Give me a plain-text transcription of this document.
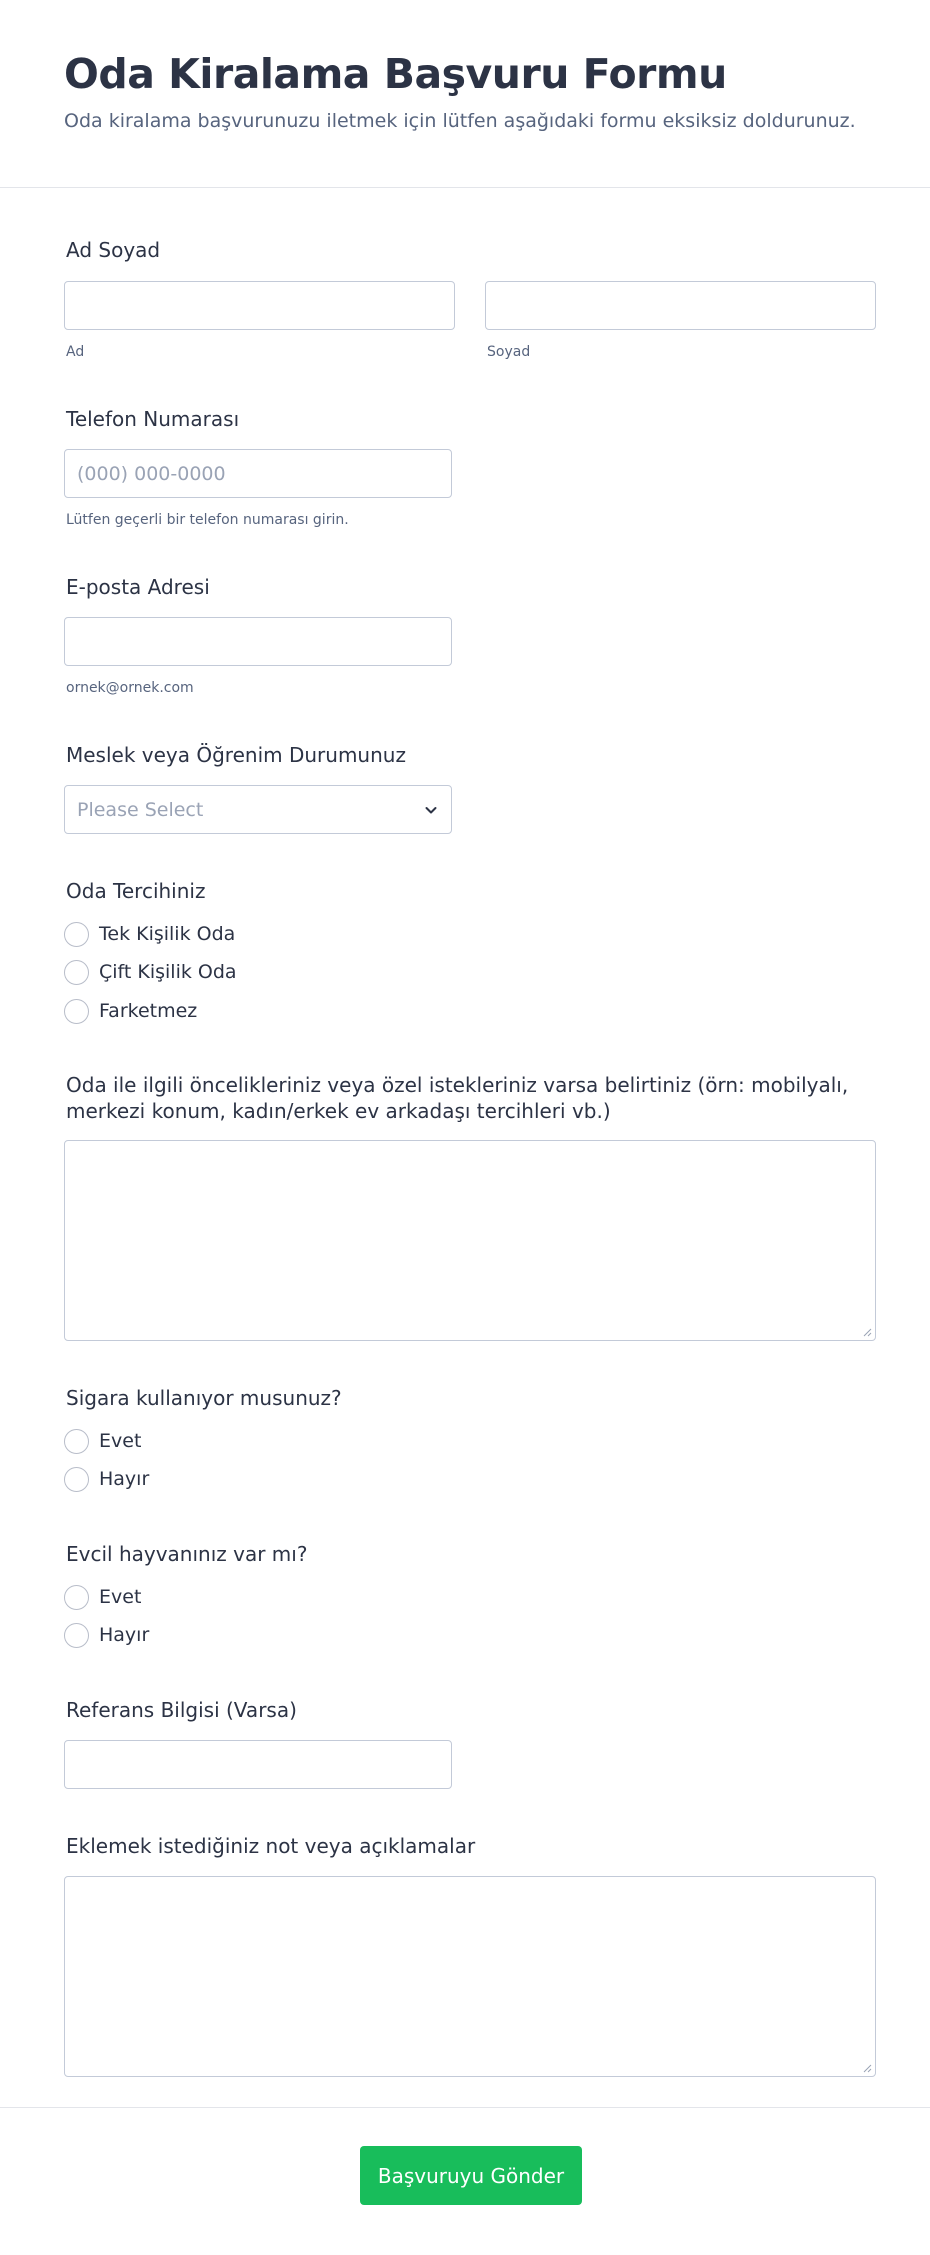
Oda Kiralama Başvuru Formu
Oda kiralama başvurunuzu iletmek için lütfen aşağıdaki formu eksiksiz doldurunuz.
Ad Soyad
Ad	Soyad
Telefon Numarası
(000) 000-0000
Lütfen geçerli bir telefon numarası girin.
E-posta Adresi
ornek@ornek.com
Meslek veya Öğrenim Durumunuz
Please Select
Oda Tercihiniz
Tek Kişilik Oda
Çift Kişilik Oda
Farketmez
Oda ile ilgili öncelikleriniz veya özel istekleriniz varsa belirtiniz (örn: mobilyalı, merkezi konum, kadın/erkek ev arkadaşı tercihleri vb.)
Sigara kullanıyor musunuz?
Evet
Hayır
Evcil hayvanınız var mı?
Evet
Hayır
Referans Bilgisi (Varsa)
Eklemek istediğiniz not veya açıklamalar
Başvuruyu Gönder
